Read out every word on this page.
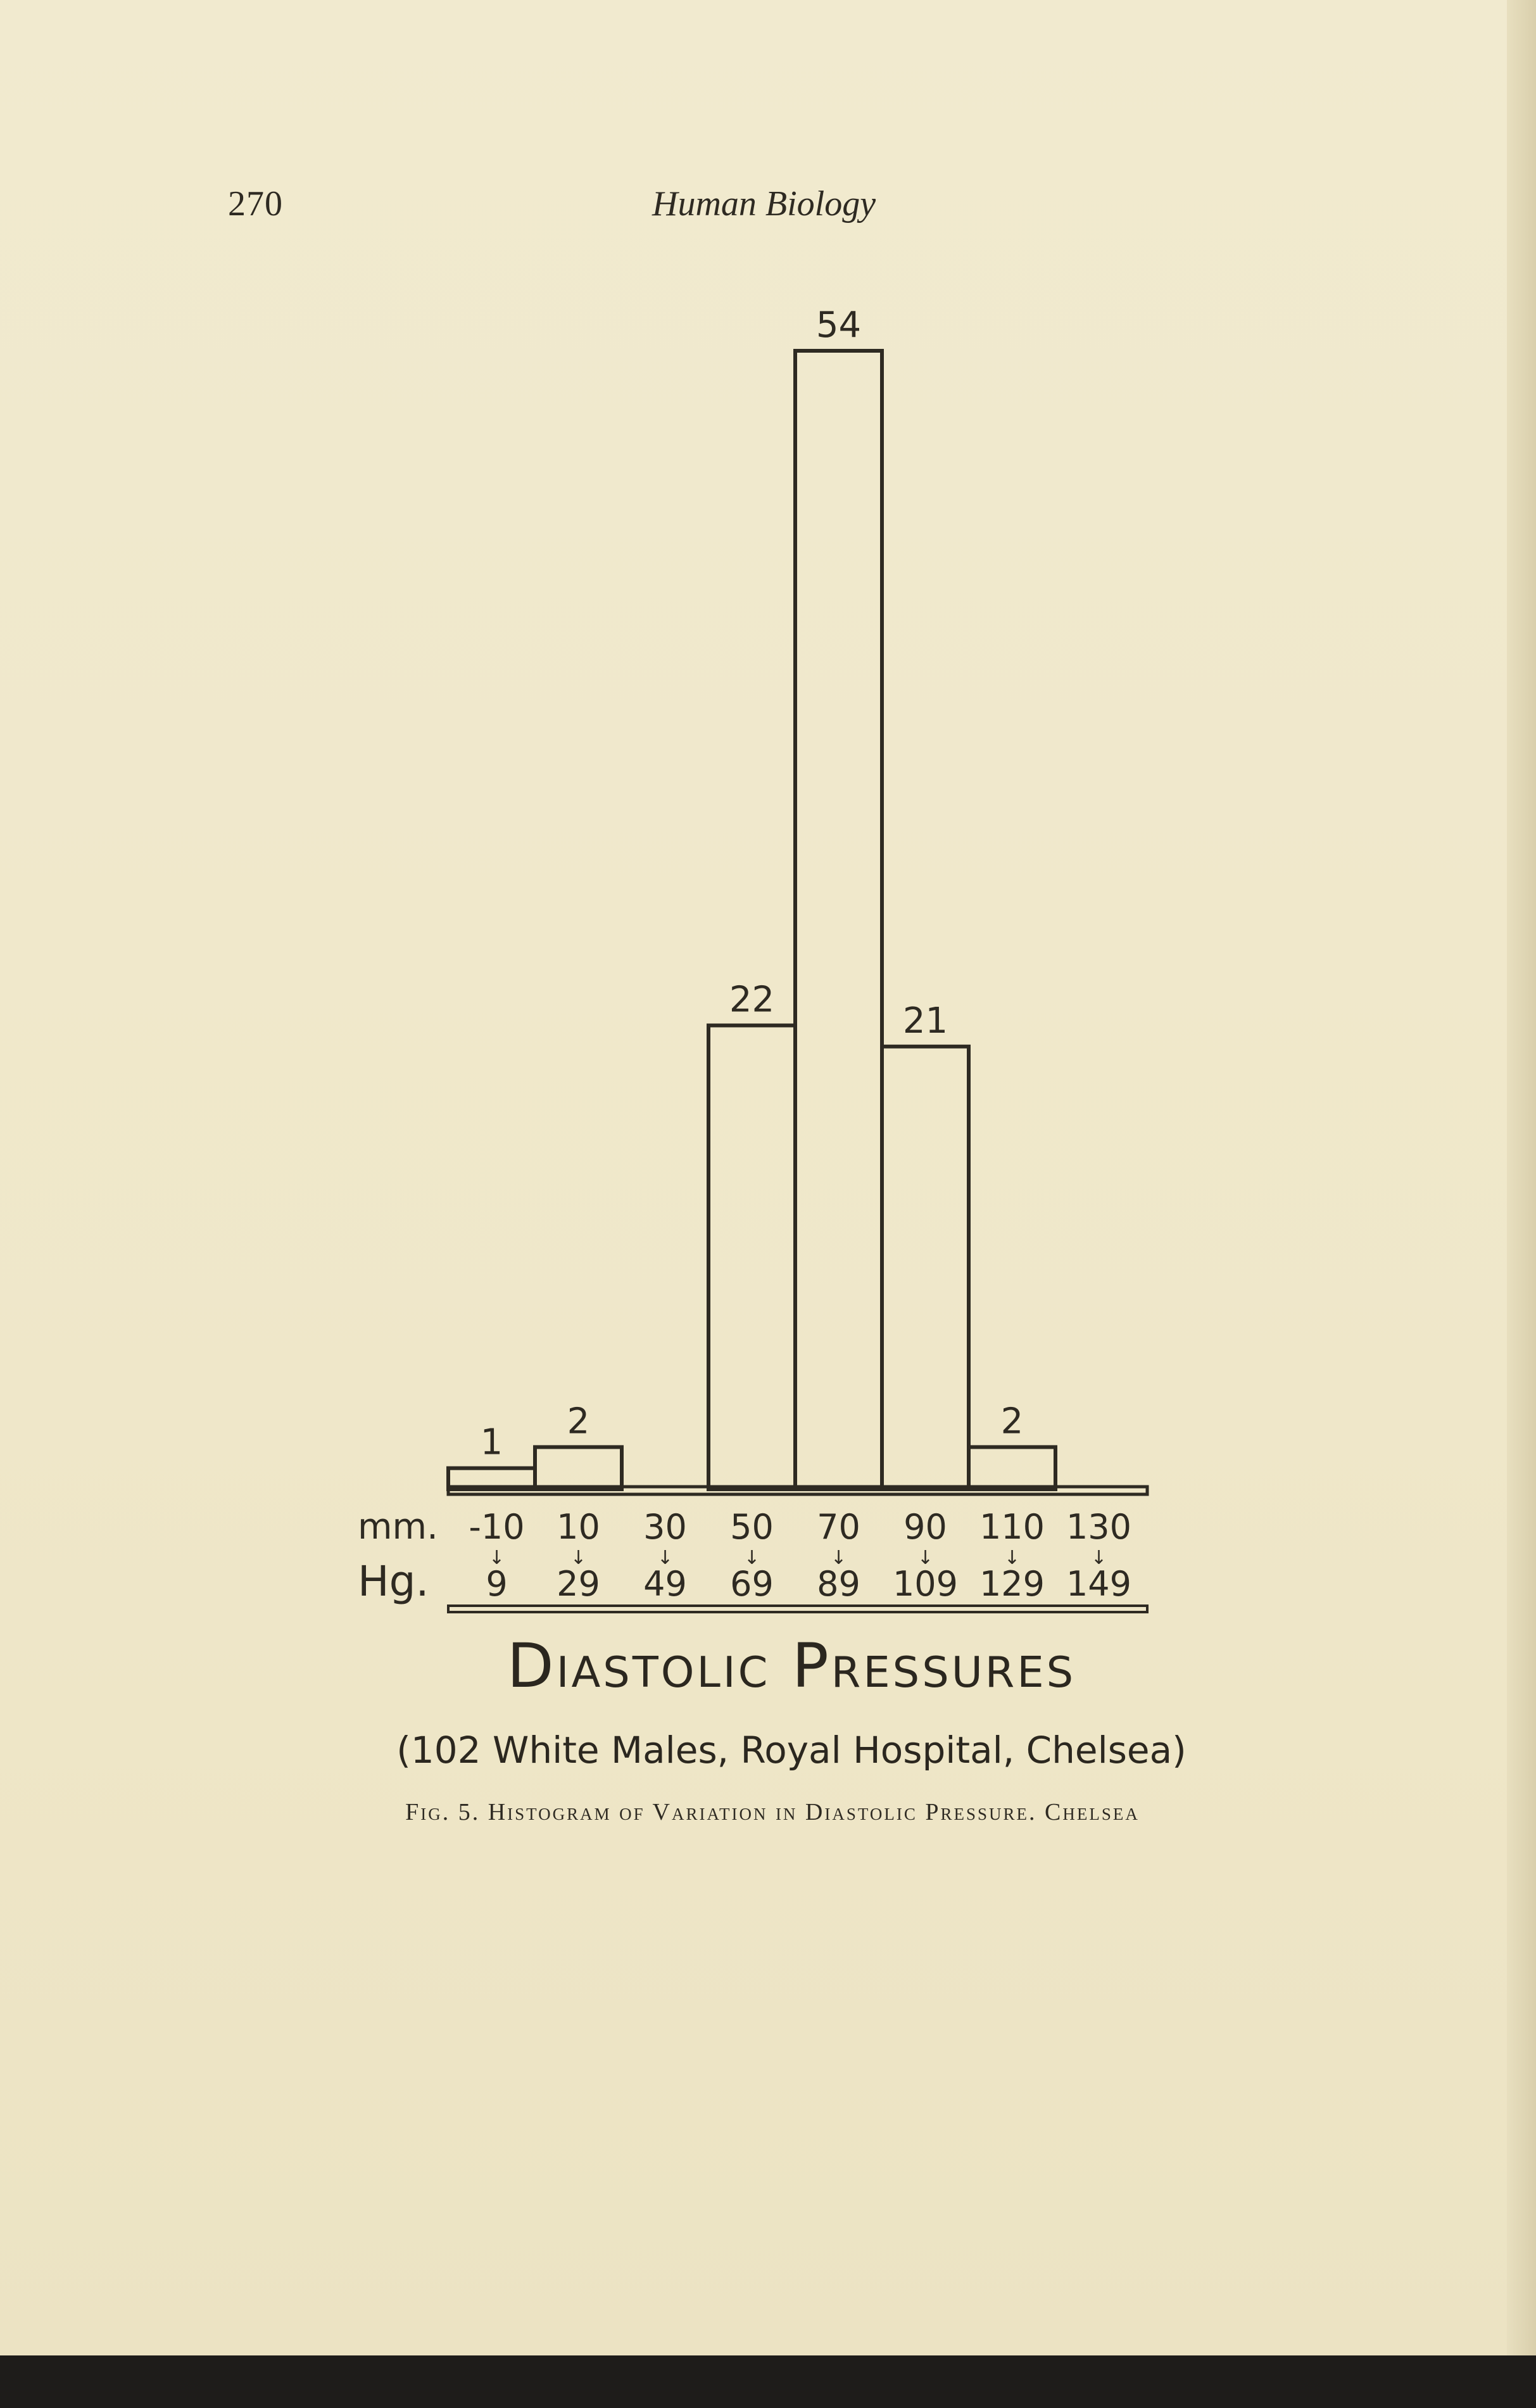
270	Human Biology
1
2
22
54
21
2
-10
↓
9
10
↓
29
30
↓
49
50
↓
69
70
↓
89
90
↓
109
110
↓
129
130
↓
149
mm.
Hg.
Diastolic Pressures
(102 White Males, Royal Hospital, Chelsea)
Fig. 5. Histogram of Variation in Diastolic Pressure. Chelsea
